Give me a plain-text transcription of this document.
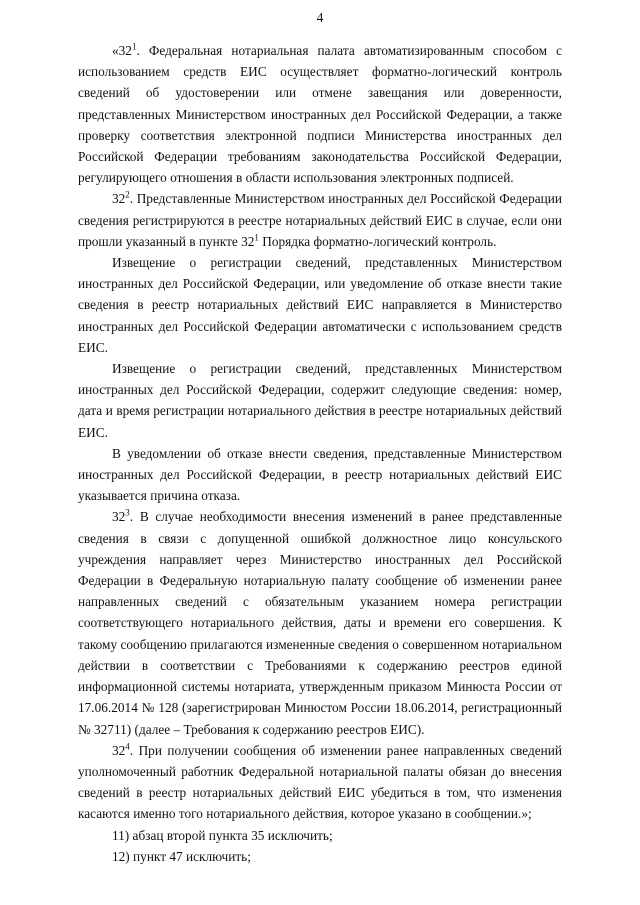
4

«$32^1$. Федеральная нотариальная палата автоматизированным способом с использованием средств ЕИС осуществляет форматно-логический контроль сведений об удостоверении или отмене завещания или доверенности, представленных Министерством иностранных дел Российской Федерации, а также проверку соответствия электронной подписи Министерства иностранных дел Российской Федерации требованиям законодательства Российской Федерации, регулирующего отношения в области использования электронных подписей.

$32^2$. Представленные Министерством иностранных дел Российской Федерации сведения регистрируются в реестре нотариальных действий ЕИС в случае, если они прошли указанный в пункте $32^1$ Порядка форматно-логический контроль.

Извещение о регистрации сведений, представленных Министерством иностранных дел Российской Федерации, или уведомление об отказе внести такие сведения в реестр нотариальных действий ЕИС направляется в Министерство иностранных дел Российской Федерации автоматически с использованием средств ЕИС.

Извещение о регистрации сведений, представленных Министерством иностранных дел Российской Федерации, содержит следующие сведения: номер, дата и время регистрации нотариального действия в реестре нотариальных действий ЕИС.

В уведомлении об отказе внести сведения, представленные Министерством иностранных дел Российской Федерации, в реестр нотариальных действий ЕИС указывается причина отказа.

$32^3$. В случае необходимости внесения изменений в ранее представленные сведения в связи с допущенной ошибкой должностное лицо консульского учреждения направляет через Министерство иностранных дел Российской Федерации в Федеральную нотариальную палату сообщение об изменении ранее направленных сведений с обязательным указанием номера регистрации соответствующего нотариального действия, даты и времени его совершения. К такому сообщению прилагаются измененные сведения о совершенном нотариальном действии в соответствии с Требованиями к содержанию реестров единой информационной системы нотариата, утвержденным приказом Минюста России от 17.06.2014 № 128 (зарегистрирован Минюстом России 18.06.2014, регистрационный № 32711) (далее – Требования к содержанию реестров ЕИС).

$32^4$. При получении сообщения об изменении ранее направленных сведений уполномоченный работник Федеральной нотариальной палаты обязан до внесения сведений в реестр нотариальных действий ЕИС убедиться в том, что изменения касаются именно того нотариального действия, которое указано в сообщении.»;

11) абзац второй пункта 35 исключить;

12) пункт 47 исключить;
